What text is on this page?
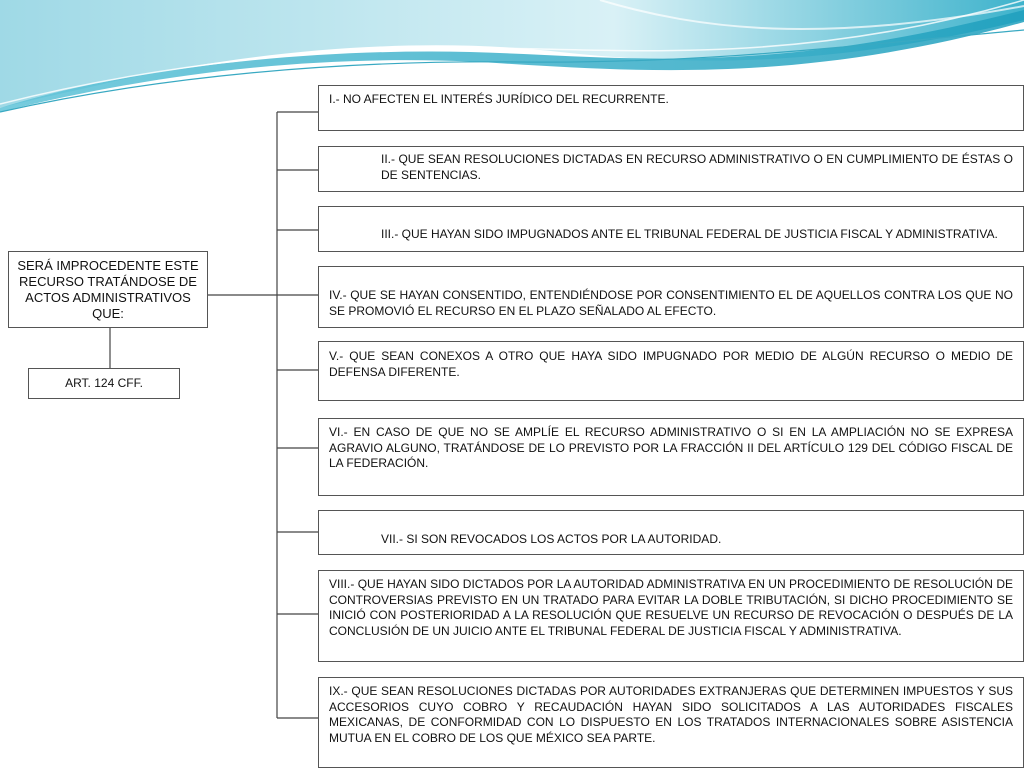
SERÁ IMPROCEDENTE ESTE RECURSO TRATÁNDOSE DE ACTOS ADMINISTRATIVOS QUE:
ART. 124 CFF.
I.- NO AFECTEN EL INTERÉS JURÍDICO DEL RECURRENTE.
II.- QUE SEAN RESOLUCIONES DICTADAS EN RECURSO ADMINISTRATIVO O EN CUMPLIMIENTO DE ÉSTAS O DE SENTENCIAS.
III.- QUE HAYAN SIDO IMPUGNADOS ANTE EL TRIBUNAL FEDERAL DE JUSTICIA FISCAL Y ADMINISTRATIVA.
IV.- QUE SE HAYAN CONSENTIDO, ENTENDIÉNDOSE POR CONSENTIMIENTO EL DE AQUELLOS CONTRA LOS QUE NO SE PROMOVIÓ EL RECURSO EN EL PLAZO SEÑALADO AL EFECTO.
V.- QUE SEAN CONEXOS A OTRO QUE HAYA SIDO IMPUGNADO POR MEDIO DE ALGÚN RECURSO O MEDIO DE DEFENSA DIFERENTE.
VI.- EN CASO DE QUE NO SE AMPLÍE EL RECURSO ADMINISTRATIVO O SI EN LA AMPLIACIÓN NO SE EXPRESA AGRAVIO ALGUNO, TRATÁNDOSE DE LO PREVISTO POR LA FRACCIÓN II DEL ARTÍCULO 129 DEL CÓDIGO FISCAL DE LA FEDERACIÓN.
VII.- SI SON REVOCADOS LOS ACTOS POR LA AUTORIDAD.
VIII.- QUE HAYAN SIDO DICTADOS POR LA AUTORIDAD ADMINISTRATIVA EN UN PROCEDIMIENTO DE RESOLUCIÓN DE CONTROVERSIAS PREVISTO EN UN TRATADO PARA EVITAR LA DOBLE TRIBUTACIÓN, SI DICHO PROCEDIMIENTO SE INICIÓ CON POSTERIORIDAD A LA RESOLUCIÓN QUE RESUELVE UN RECURSO DE REVOCACIÓN O DESPUÉS DE LA CONCLUSIÓN DE UN JUICIO ANTE EL TRIBUNAL FEDERAL DE JUSTICIA FISCAL Y ADMINISTRATIVA.
IX.- QUE SEAN RESOLUCIONES DICTADAS POR AUTORIDADES EXTRANJERAS QUE DETERMINEN IMPUESTOS Y SUS ACCESORIOS CUYO COBRO Y RECAUDACIÓN HAYAN SIDO SOLICITADOS A LAS AUTORIDADES FISCALES MEXICANAS, DE CONFORMIDAD CON LO DISPUESTO EN LOS TRATADOS INTERNACIONALES SOBRE ASISTENCIA MUTUA EN EL COBRO DE LOS QUE MÉXICO SEA PARTE.
